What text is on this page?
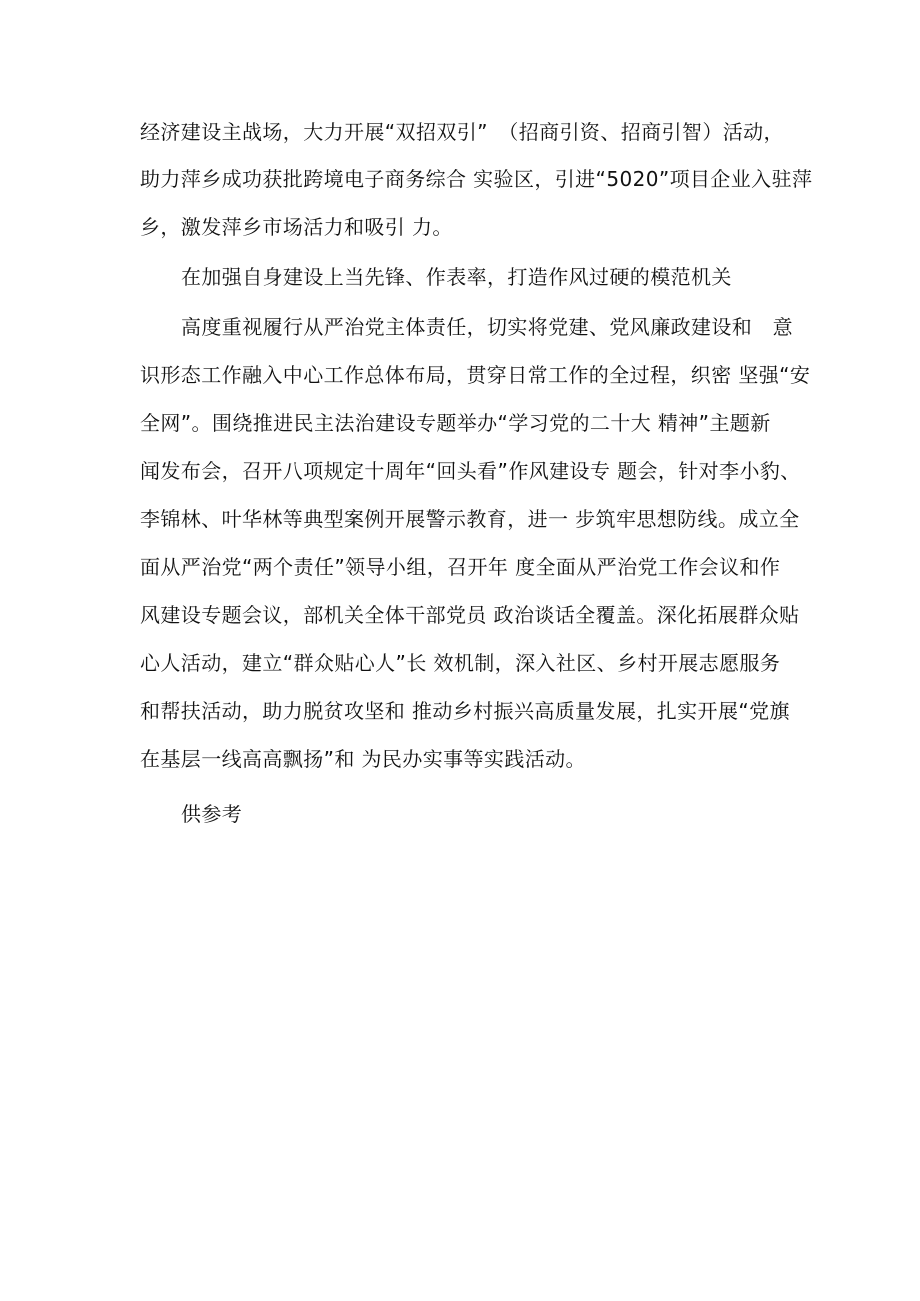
经济建设主战场，大力开展“双招双引”　（招商引资、招商引智）活动，
助力萍乡成功获批跨境电子商务综合 实验区，引进“5020”项目企业入驻萍
乡，激发萍乡市场活力和吸引 力。
在加强自身建设上当先锋、作表率，打造作风过硬的模范机关
高度重视履行从严治党主体责任，切实将党建、党风廉政建设和　意
识形态工作融入中心工作总体布局，贯穿日常工作的全过程，织密 坚强“安
全网”。围绕推进民主法治建设专题举办“学习党的二十大 精神”主题新
闻发布会，召开八项规定十周年“回头看”作风建设专 题会，针对李小豹、
李锦林、叶华林等典型案例开展警示教育，进一 步筑牢思想防线。成立全
面从严治党“两个责任”领导小组，召开年 度全面从严治党工作会议和作
风建设专题会议，部机关全体干部党员 政治谈话全覆盖。深化拓展群众贴
心人活动，建立“群众贴心人”长 效机制，深入社区、乡村开展志愿服务
和帮扶活动，助力脱贫攻坚和 推动乡村振兴高质量发展，扎实开展“党旗
在基层一线高高飘扬”和 为民办实事等实践活动。
供参考
